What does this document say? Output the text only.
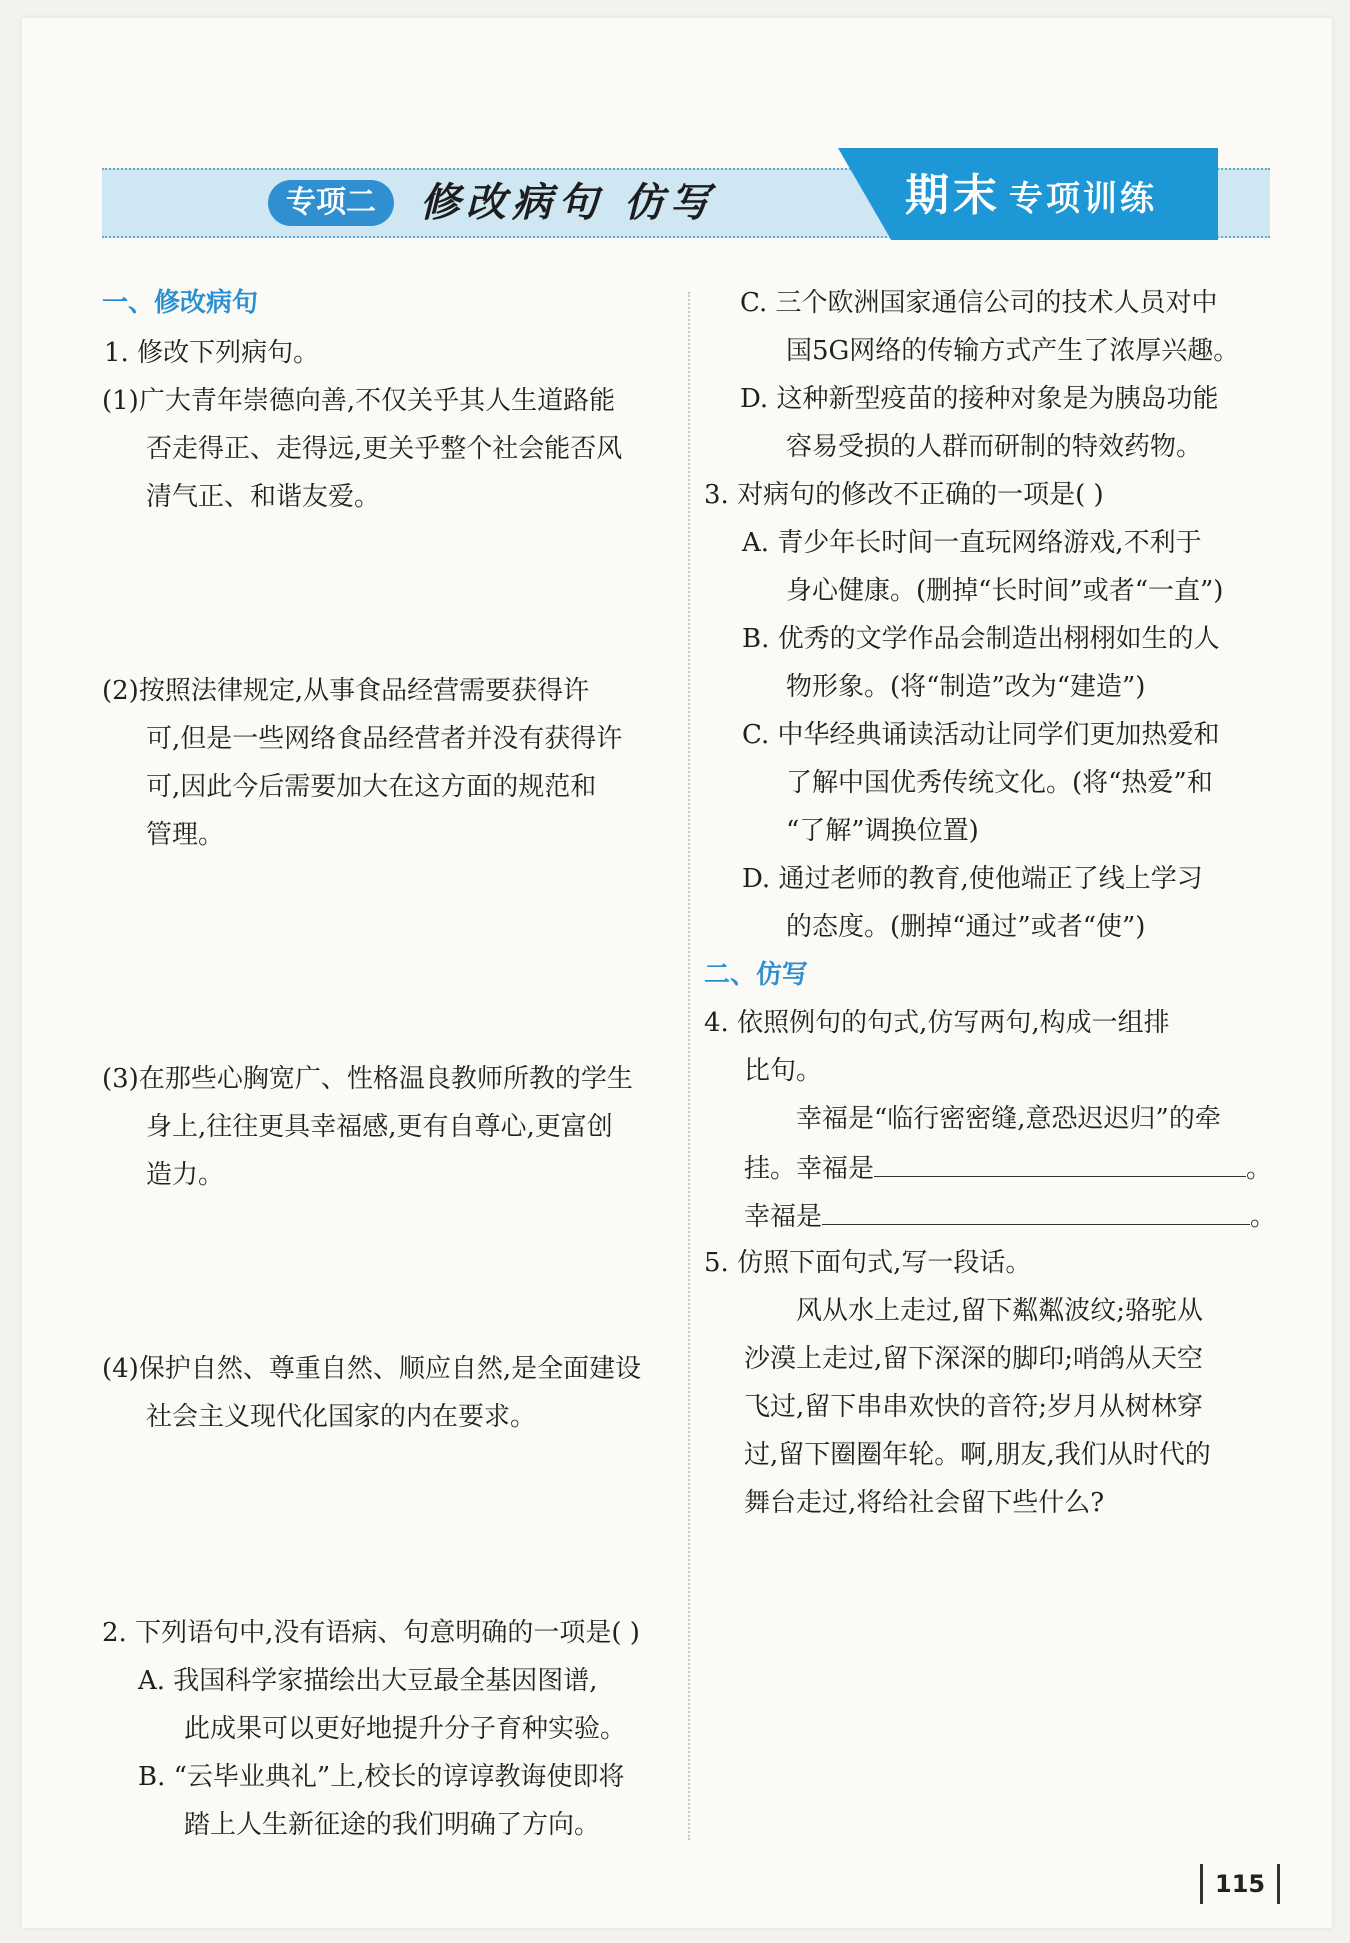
专项二	修改病句 仿写	期末 专项训练
一、修改病句
1. 修改下列病句。
(1)广大青年崇德向善,不仅关乎其人生道路能
否走得正、走得远,更关乎整个社会能否风
清气正、和谐友爱。
(2)按照法律规定,从事食品经营需要获得许
可,但是一些网络食品经营者并没有获得许
可,因此今后需要加大在这方面的规范和
管理。
(3)在那些心胸宽广、性格温良教师所教的学生
身上,往往更具幸福感,更有自尊心,更富创
造力。
(4)保护自然、尊重自然、顺应自然,是全面建设
社会主义现代化国家的内在要求。
2. 下列语句中,没有语病、句意明确的一项是( )
A. 我国科学家描绘出大豆最全基因图谱,
此成果可以更好地提升分子育种实验。
B. “云毕业典礼”上,校长的谆谆教诲使即将
踏上人生新征途的我们明确了方向。
C. 三个欧洲国家通信公司的技术人员对中
国5G网络的传输方式产生了浓厚兴趣。
D. 这种新型疫苗的接种对象是为胰岛功能
容易受损的人群而研制的特效药物。
3. 对病句的修改不正确的一项是( )
A. 青少年长时间一直玩网络游戏,不利于
身心健康。(删掉“长时间”或者“一直”)
B. 优秀的文学作品会制造出栩栩如生的人
物形象。(将“制造”改为“建造”)
C. 中华经典诵读活动让同学们更加热爱和
了解中国优秀传统文化。(将“热爱”和
“了解”调换位置)
D. 通过老师的教育,使他端正了线上学习
的态度。(删掉“通过”或者“使”)
二、仿写
4. 依照例句的句式,仿写两句,构成一组排
比句。
幸福是“临行密密缝,意恐迟迟归”的牵
挂。幸福是	。
幸福是	。
5. 仿照下面句式,写一段话。
风从水上走过,留下粼粼波纹;骆驼从
沙漠上走过,留下深深的脚印;哨鸽从天空
飞过,留下串串欢快的音符;岁月从树林穿
过,留下圈圈年轮。啊,朋友,我们从时代的
舞台走过,将给社会留下些什么?
115
